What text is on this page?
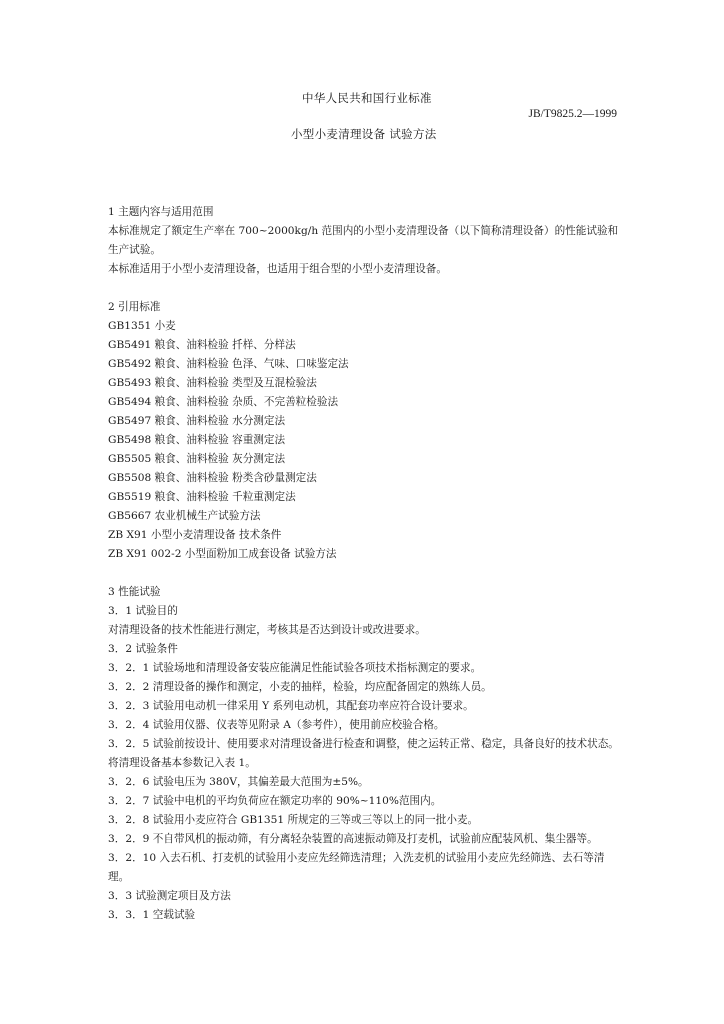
中华人民共和国行业标准
JB/T9825.2—1999
小型小麦清理设备 试验方法
1 主题内容与适用范围
本标准规定了额定生产率在 700~2000kg/h 范围内的小型小麦清理设备（以下简称清理设备）的性能试验和生产试验。
本标准适用于小型小麦清理设备，也适用于组合型的小型小麦清理设备。
2 引用标准
GB1351 小麦
GB5491 粮食、油料检验 扦样、分样法
GB5492 粮食、油料检验 色泽、气味、口味鉴定法
GB5493 粮食、油料检验 类型及互混检验法
GB5494 粮食、油料检验 杂质、不完善粒检验法
GB5497 粮食、油料检验 水分测定法
GB5498 粮食、油料检验 容重测定法
GB5505 粮食、油料检验 灰分测定法
GB5508 粮食、油料检验 粉类含砂量测定法
GB5519 粮食、油料检验 千粒重测定法
GB5667 农业机械生产试验方法
ZB X91 小型小麦清理设备 技术条件
ZB X91 002-2 小型面粉加工成套设备 试验方法
3 性能试验
3．1 试验目的
对清理设备的技术性能进行测定，考核其是否达到设计或改进要求。
3．2 试验条件
3．2．1 试验场地和清理设备安装应能满足性能试验各项技术指标测定的要求。
3．2．2 清理设备的操作和测定，小麦的抽样，检验，均应配备固定的熟练人员。
3．2．3 试验用电动机一律采用 Y 系列电动机，其配套功率应符合设计要求。
3．2．4 试验用仪器、仪表等见附录 A（参考件），使用前应校验合格。
3．2．5 试验前按设计、使用要求对清理设备进行检查和调整，使之运转正常、稳定，具备良好的技术状态。将清理设备基本参数记入表 1。
3．2．6 试验电压为 380V，其偏差最大范围为±5%。
3．2．7 试验中电机的平均负荷应在额定功率的 90%~110%范围内。
3．2．8 试验用小麦应符合 GB1351 所规定的三等或三等以上的同一批小麦。
3．2．9 不自带风机的振动筛，有分离轻杂装置的高速振动筛及打麦机，试验前应配装风机、集尘器等。
3．2．10 入去石机、打麦机的试验用小麦应先经筛选清理；入洗麦机的试验用小麦应先经筛选、去石等清理。
3．3 试验测定项目及方法
3．3．1 空载试验
